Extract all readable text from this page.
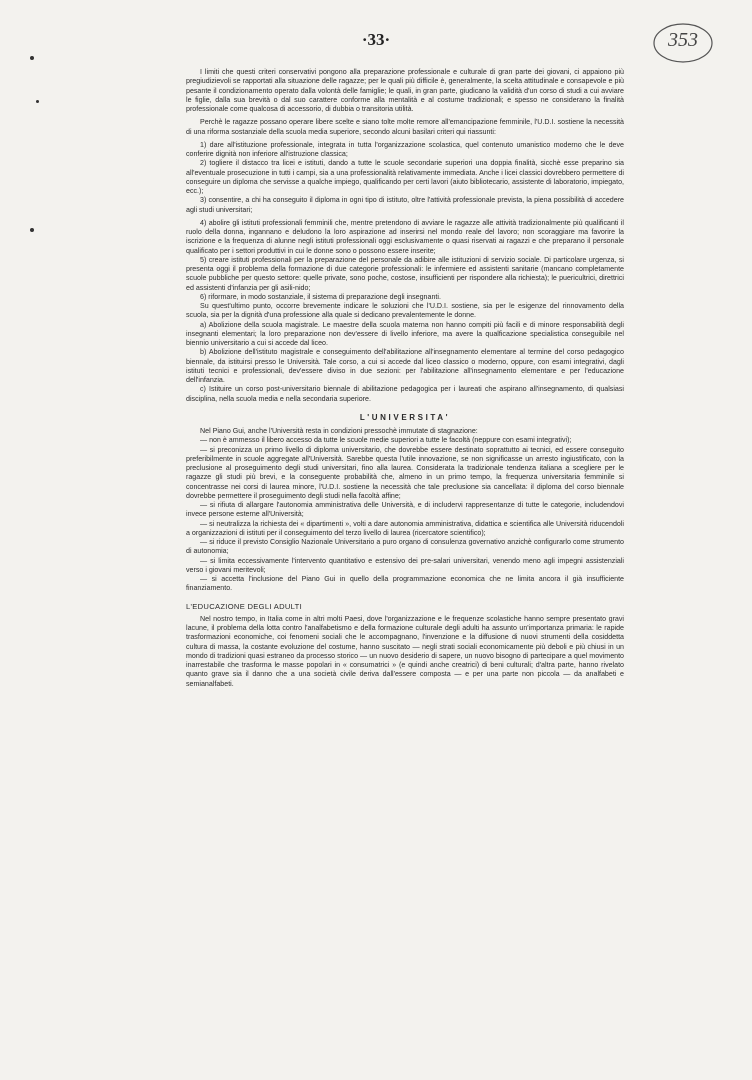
·33·	353

I limiti che questi criteri conservativi pongono alla preparazione professionale e culturale di gran parte dei giovani, ci appaiono più pregiudizievoli se rapportati alla situazione delle ragazze; per le quali più difficile è, generalmente, la scelta attitudinale e consapevole e più pesante il condizionamento operato dalla volontà delle famiglie; le quali, in gran parte, giudicano la validità d'un corso di studi a cui avviare le figlie, dalla sua brevità o dal suo carattere conforme alla mentalità e al costume tradizionali; e spesso ne considerano la finalità professionale come qualcosa di accessorio, di dubbia o transitoria utilità.

Perchè le ragazze possano operare libere scelte e siano tolte molte remore all'emancipazione femminile, l'U.D.I. sostiene la necessità di una riforma sostanziale della scuola media superiore, secondo alcuni basilari criteri qui riassunti:

1) dare all'istituzione professionale, integrata in tutta l'organizzazione scolastica, quel contenuto umanistico moderno che le deve conferire dignità non inferiore all'istruzione classica;

2) togliere il distacco tra licei e istituti, dando a tutte le scuole secondarie superiori una doppia finalità, sicchè esse preparino sia all'eventuale prosecuzione in tutti i campi, sia a una professionalità relativamente immediata. Anche i licei classici dovrebbero permettere di conseguire un diploma che servisse a qualche impiego, qualificando per certi lavori (aiuto bibliotecario, assistente di laboratorio, impiegato, ecc.);

3) consentire, a chi ha conseguito il diploma in ogni tipo di istituto, oltre l'attività professionale prevista, la piena possibilità di accedere agli studi universitari;

4) abolire gli istituti professionali femminili che, mentre pretendono di avviare le ragazze alle attività tradizionalmente più qualificanti il ruolo della donna, ingannano e deludono la loro aspirazione ad inserirsi nel mondo reale del lavoro; non scoraggiare ma favorire la iscrizione e la frequenza di alunne negli istituti professionali oggi esclusivamente o quasi riservati ai ragazzi e che preparano il personale qualificato per i settori produttivi in cui le donne sono o possono essere inserite;

5) creare istituti professionali per la preparazione del personale da adibire alle istituzioni di servizio sociale. Di particolare urgenza, si presenta oggi il problema della formazione di due categorie professionali: le infermiere ed assistenti sanitarie (mancano completamente scuole pubbliche per questo settore: quelle private, sono poche, costose, insufficienti per rispondere alla richiesta); le puericultrici, direttrici ed assistenti d'infanzia per gli asili-nido;

6) riformare, in modo sostanziale, il sistema di preparazione degli insegnanti.

Su quest'ultimo punto, occorre brevemente indicare le soluzioni che l'U.D.I. sostiene, sia per le esigenze del rinnovamento della scuola, sia per la dignità d'una professione alla quale si dedicano prevalentemente le donne.

a) Abolizione della scuola magistrale. Le maestre della scuola materna non hanno compiti più facili e di minore responsabilità degli insegnanti elementari; la loro preparazione non dev'essere di livello inferiore, ma avere la qualficazione specialistica conseguibile nel biennio universitario a cui si accede dal liceo.

b) Abolizione dell'istituto magistrale e conseguimento dell'abilitazione all'insegnamento elementare al termine del corso pedagogico biennale, da istituirsi presso le Università. Tale corso, a cui si accede dal liceo classico o moderno, oppure, con esami integrativi, dagli istituti tecnici e professionali, dev'essere diviso in due sezioni: per l'abilitazione all'insegnamento elementare e per l'educazione dell'infanzia.

c) Istituire un corso post-universitario biennale di abilitazione pedagogica per i laureati che aspirano all'insegnamento, di qualsiasi disciplina, nella scuola media e nella secondaria superiore.

L'UNIVERSITA'

Nel Piano Gui, anche l'Università resta in condizioni pressochè immutate di stagnazione:

— non è ammesso il libero accesso da tutte le scuole medie superiori a tutte le facoltà (neppure con esami integrativi);

— si preconizza un primo livello di diploma universitario, che dovrebbe essere destinato soprattutto ai tecnici, ed essere conseguito preferibilmente in scuole aggregate all'Università. Sarebbe questa l'utile innovazione, se non significasse un arresto ingiustificato, con la preclusione al proseguimento degli studi universitari, fino alla laurea. Considerata la tradizionale tendenza italiana a scegliere per le ragazze gli studi più brevi, e la conseguente probabilità che, almeno in un primo tempo, la frequenza universitaria femminile si concentrasse nei corsi di laurea minore, l'U.D.I. sostiene la necessità che tale preclusione sia cancellata: il diploma del corso biennale dovrebbe permettere il proseguimento degli studi nella facoltà affine;

— si rifiuta di allargare l'autonomia amministrativa delle Università, e di includervi rappresentanze di tutte le categorie, includendovi invece persone esterne all'Università;

— si neutralizza la richiesta dei « dipartimenti », volti a dare autonomia amministrativa, didattica e scientifica alle Università riducendoli a organizzazioni di istituti per il conseguimento del terzo livello di laurea (ricercatore scientifico);

— si riduce il previsto Consiglio Nazionale Universitario a puro organo di consulenza governativo anzichè configurarlo come strumento di autonomia;

— si limita eccessivamente l'intervento quantitativo e estensivo dei pre-salari universitari, venendo meno agli impegni assistenziali verso i giovani meritevoli;

— si accetta l'inclusione del Piano Gui in quello della programmazione economica che ne limita ancora il già insufficiente finanziamento.

L'EDUCAZIONE DEGLI ADULTI

Nel nostro tempo, in Italia come in altri molti Paesi, dove l'organizzazione e le frequenze scolastiche hanno sempre presentato gravi lacune, il problema della lotta contro l'analfabetismo e della formazione culturale degli adulti ha assunto un'importanza primaria: le rapide trasformazioni economiche, coi fenomeni sociali che le accompagnano, l'invenzione e la diffusione di nuovi strumenti della cosiddetta cultura di massa, la costante evoluzione del costume, hanno suscitato — negli strati sociali economicamente più deboli e più chiusi in un mondo di tradizioni quasi estraneo da processo storico — un nuovo desiderio di sapere, un nuovo bisogno di partecipare a quel movimento inarrestabile che trasforma le masse popolari in « consumatrici » (e quindi anche creatrici) di beni culturali; d'altra parte, hanno rivelato quanto grave sia il danno che a una società civile deriva dall'essere composta — e per una parte non piccola — da analfabeti e semianalfabeti.
